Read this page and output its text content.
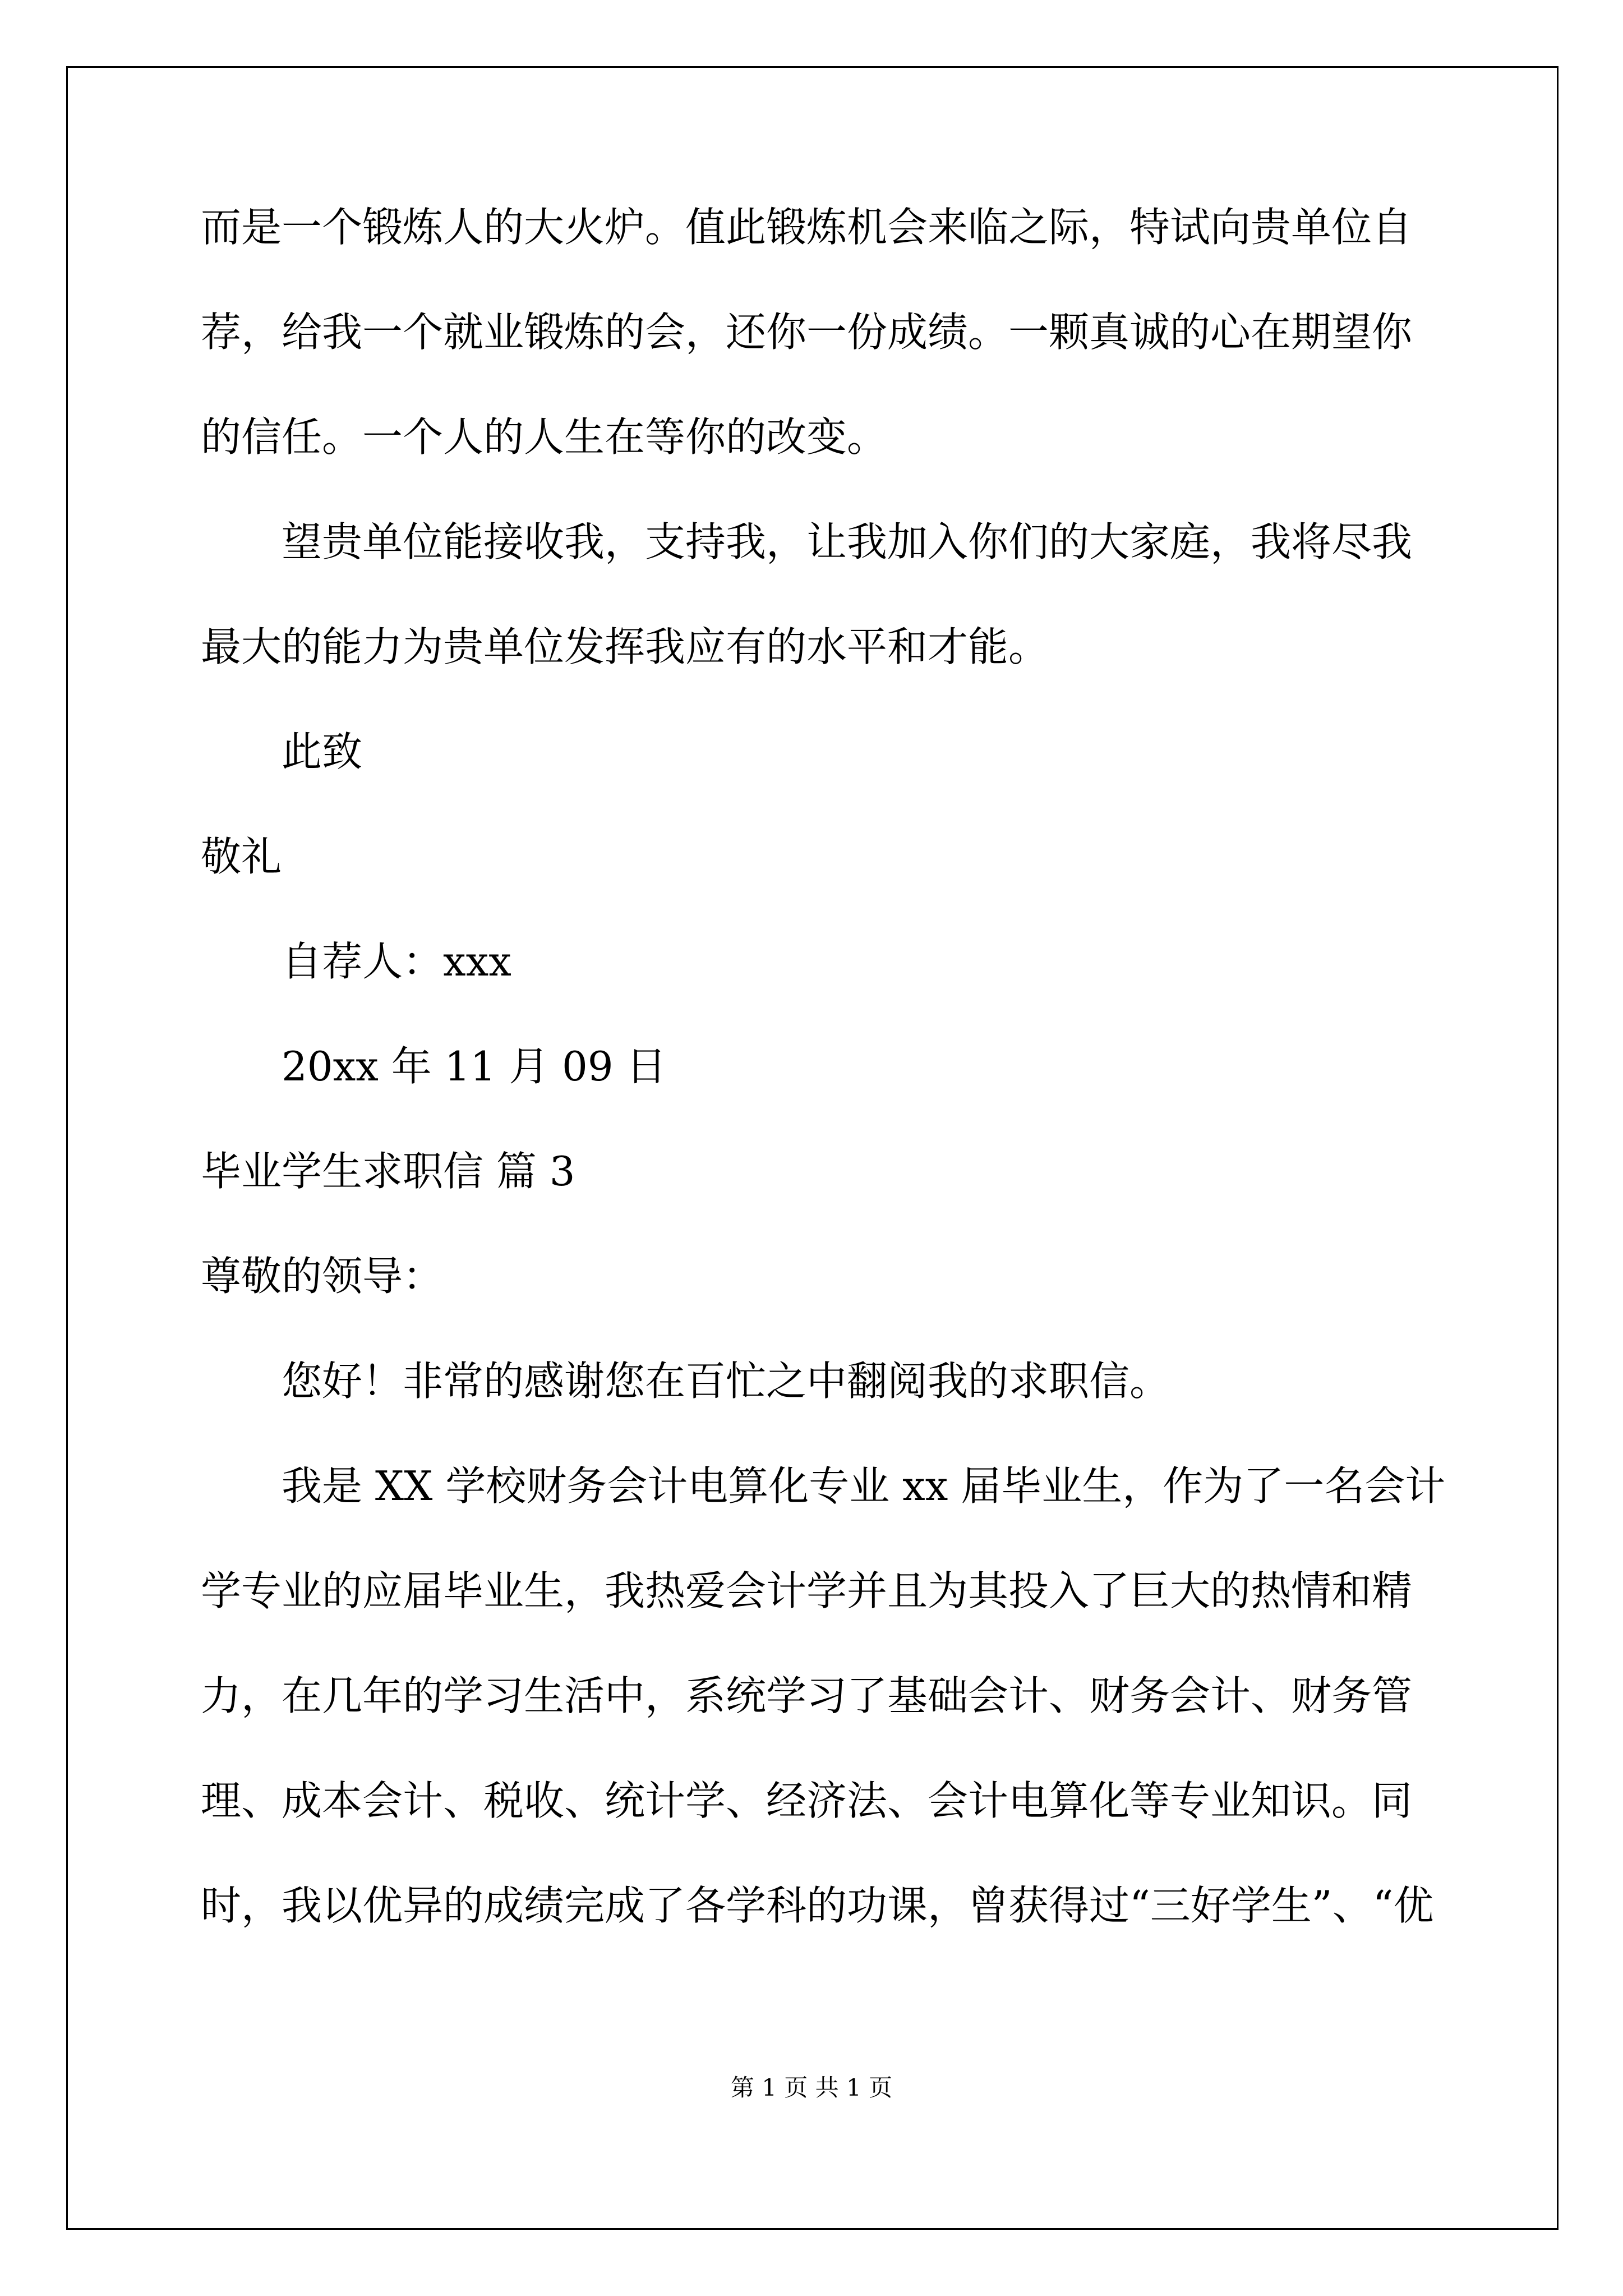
而是一个锻炼人的大火炉。值此锻炼机会来临之际，特试向贵单位自
荐，给我一个就业锻炼的会，还你一份成绩。一颗真诚的心在期望你
的信任。一个人的人生在等你的改变。
望贵单位能接收我，支持我，让我加入你们的大家庭，我将尽我
最大的能力为贵单位发挥我应有的水平和才能。
此致
敬礼
自荐人：xxx
20xx 年 11 月 09 日
毕业学生求职信 篇 3
尊敬的领导：
您好！非常的感谢您在百忙之中翻阅我的求职信。
我是 XX 学校财务会计电算化专业 xx 届毕业生，作为了一名会计
学专业的应届毕业生，我热爱会计学并且为其投入了巨大的热情和精
力，在几年的学习生活中，系统学习了基础会计、财务会计、财务管
理、成本会计、税收、统计学、经济法、会计电算化等专业知识。同
时，我以优异的成绩完成了各学科的功课，曾获得过“三好学生”、“优
第 1 页 共 1 页
